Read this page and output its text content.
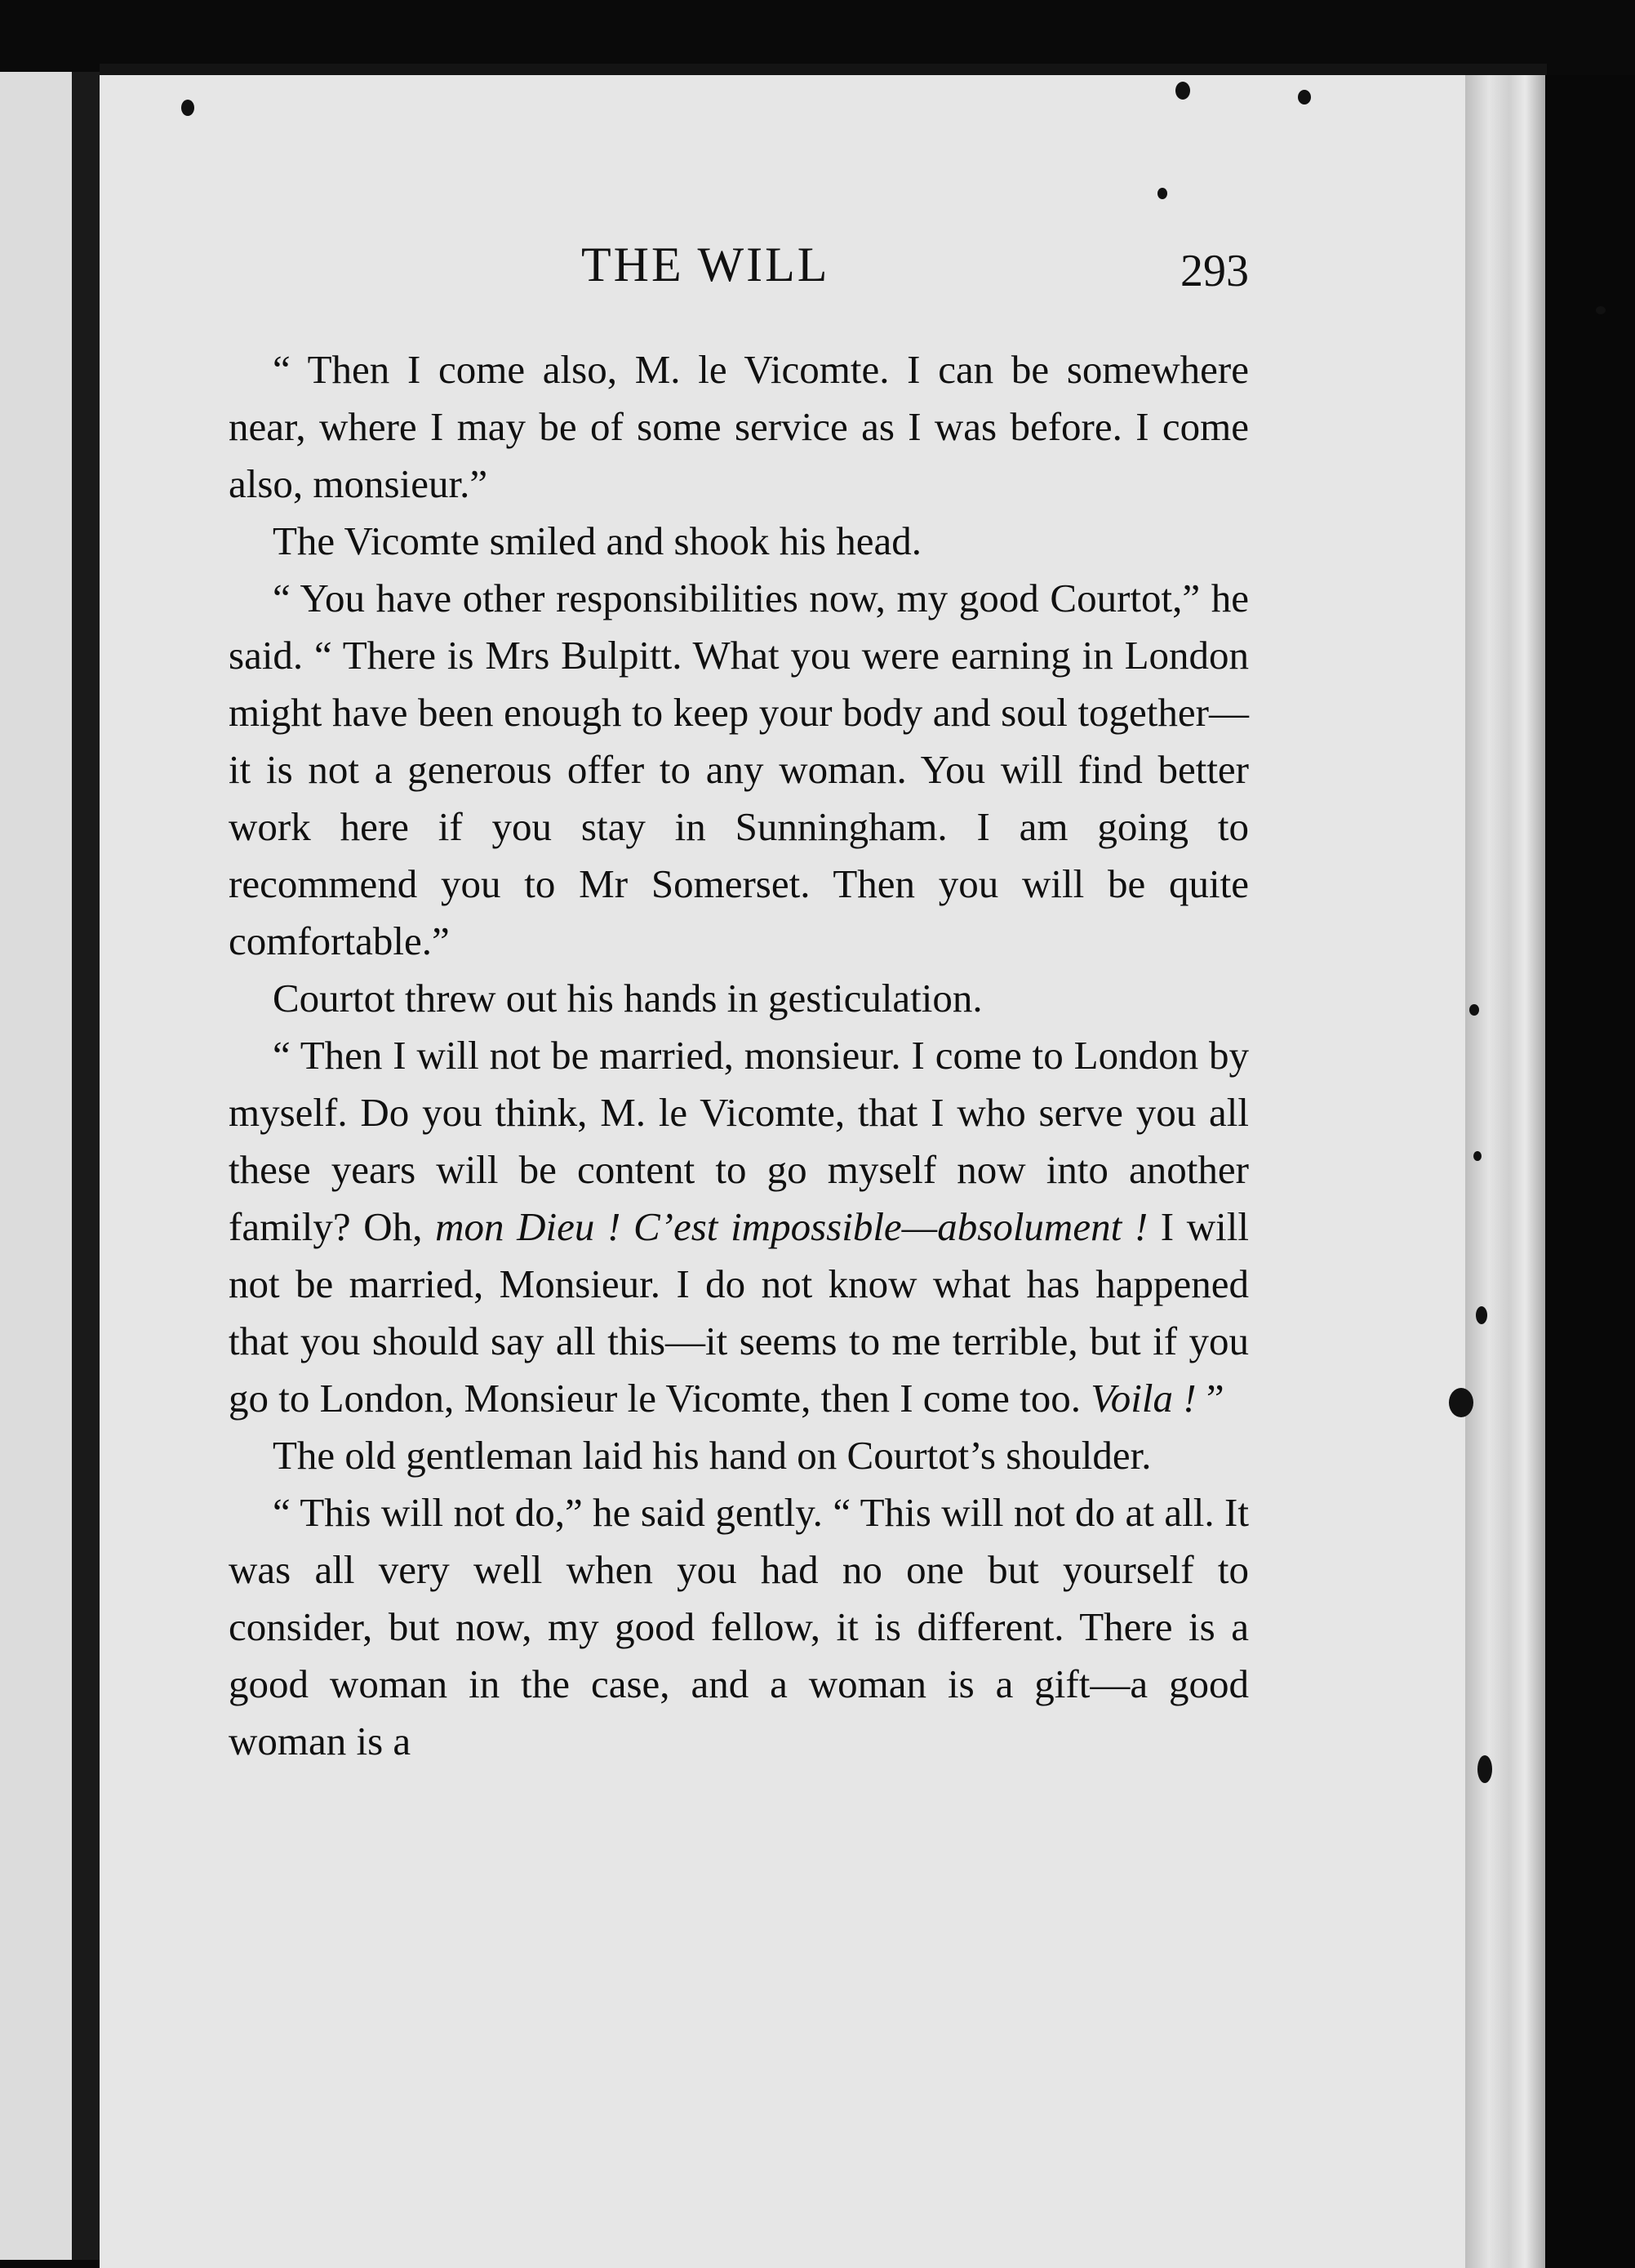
THE WILL	293

“ Then I come also, M. le Vicomte. I can be somewhere near, where I may be of some service as I was before. I come also, monsieur.”

The Vicomte smiled and shook his head.

“ You have other responsibilities now, my good Courtot,” he said. “ There is Mrs Bulpitt. What you were earning in London might have been enough to keep your body and soul together—it is not a generous offer to any woman. You will find better work here if you stay in Sunningham. I am going to recommend you to Mr Somerset. Then you will be quite comfortable.”

Courtot threw out his hands in gesticulation.

“ Then I will not be married, monsieur. I come to London by myself. Do you think, M. le Vicomte, that I who serve you all these years will be content to go myself now into another family? Oh, mon Dieu ! C’est impossible—absolument ! I will not be married, Monsieur. I do not know what has happened that you should say all this—it seems to me terrible, but if you go to London, Monsieur le Vicomte, then I come too. Voila ! ”

The old gentleman laid his hand on Courtot’s shoulder.

“ This will not do,” he said gently. “ This will not do at all. It was all very well when you had no one but yourself to consider, but now, my good fellow, it is different. There is a good woman in the case, and a woman is a gift—a good woman is a
